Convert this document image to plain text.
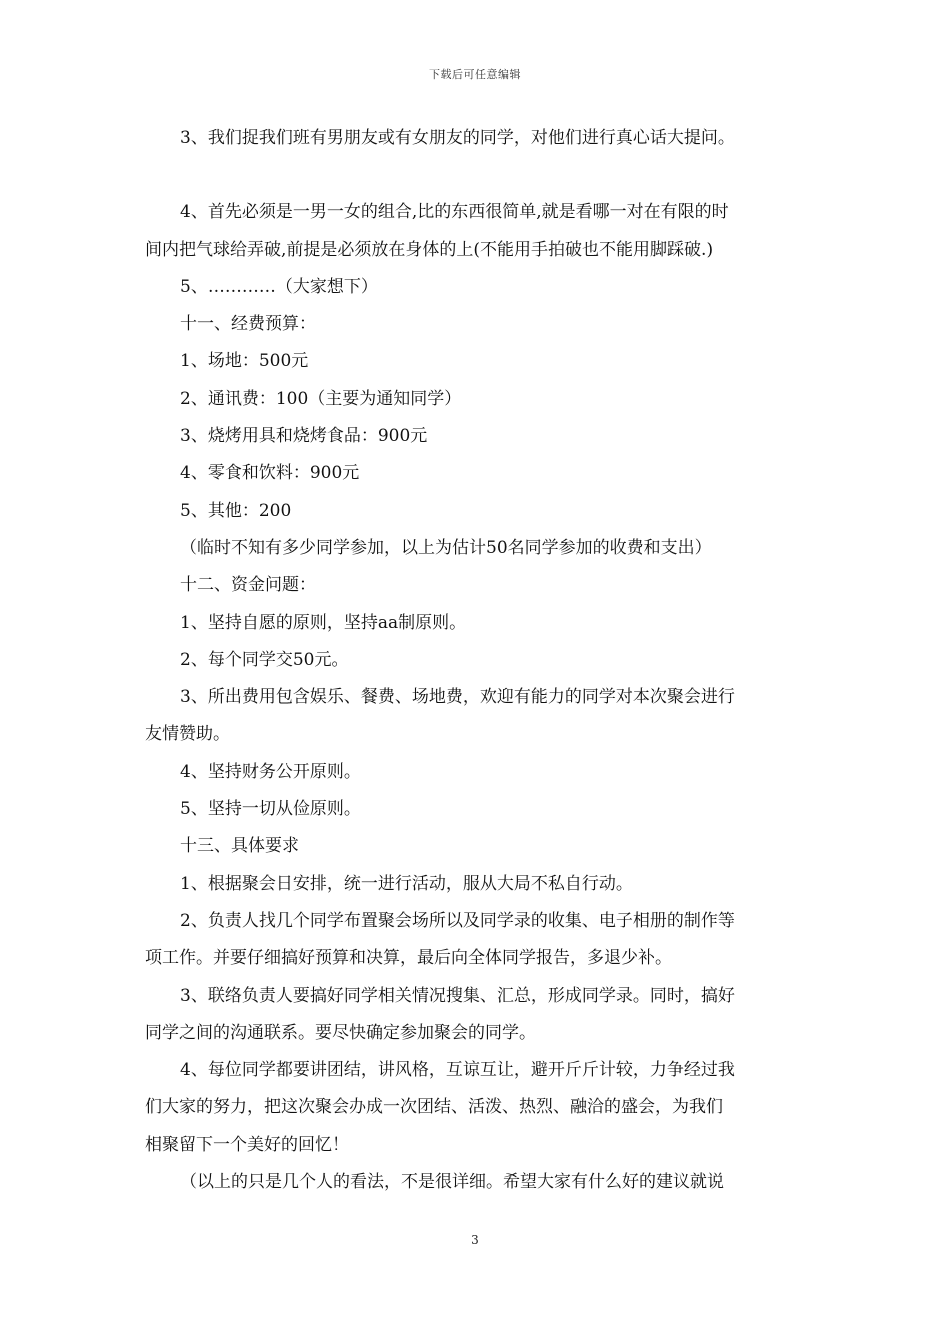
下载后可任意编辑

3、我们捉我们班有男朋友或有女朋友的同学，对他们进行真心话大提问。

4、首先必须是一男一女的组合,比的东西很简单,就是看哪一对在有限的时

间内把气球给弄破,前提是必须放在身体的上(不能用手拍破也不能用脚踩破.)

5、…………（大家想下）

十一、经费预算：

1、场地：500元

2、通讯费：100（主要为通知同学）

3、烧烤用具和烧烤食品：900元

4、零食和饮料：900元

5、其他：200

（临时不知有多少同学参加，以上为估计50名同学参加的收费和支出）

十二、资金问题：

1、坚持自愿的原则，坚持aa制原则。

2、每个同学交50元。

3、所出费用包含娱乐、餐费、场地费，欢迎有能力的同学对本次聚会进行

友情赞助。

4、坚持财务公开原则。

5、坚持一切从俭原则。

十三、具体要求

1、根据聚会日安排，统一进行活动，服从大局不私自行动。

2、负责人找几个同学布置聚会场所以及同学录的收集、电子相册的制作等

项工作。并要仔细搞好预算和决算，最后向全体同学报告，多退少补。

3、联络负责人要搞好同学相关情况搜集、汇总，形成同学录。同时，搞好

同学之间的沟通联系。要尽快确定参加聚会的同学。

4、每位同学都要讲团结，讲风格，互谅互让，避开斤斤计较，力争经过我

们大家的努力，把这次聚会办成一次团结、活泼、热烈、融洽的盛会，为我们

相聚留下一个美好的回忆！

（以上的只是几个人的看法，不是很详细。希望大家有什么好的建议就说

3
